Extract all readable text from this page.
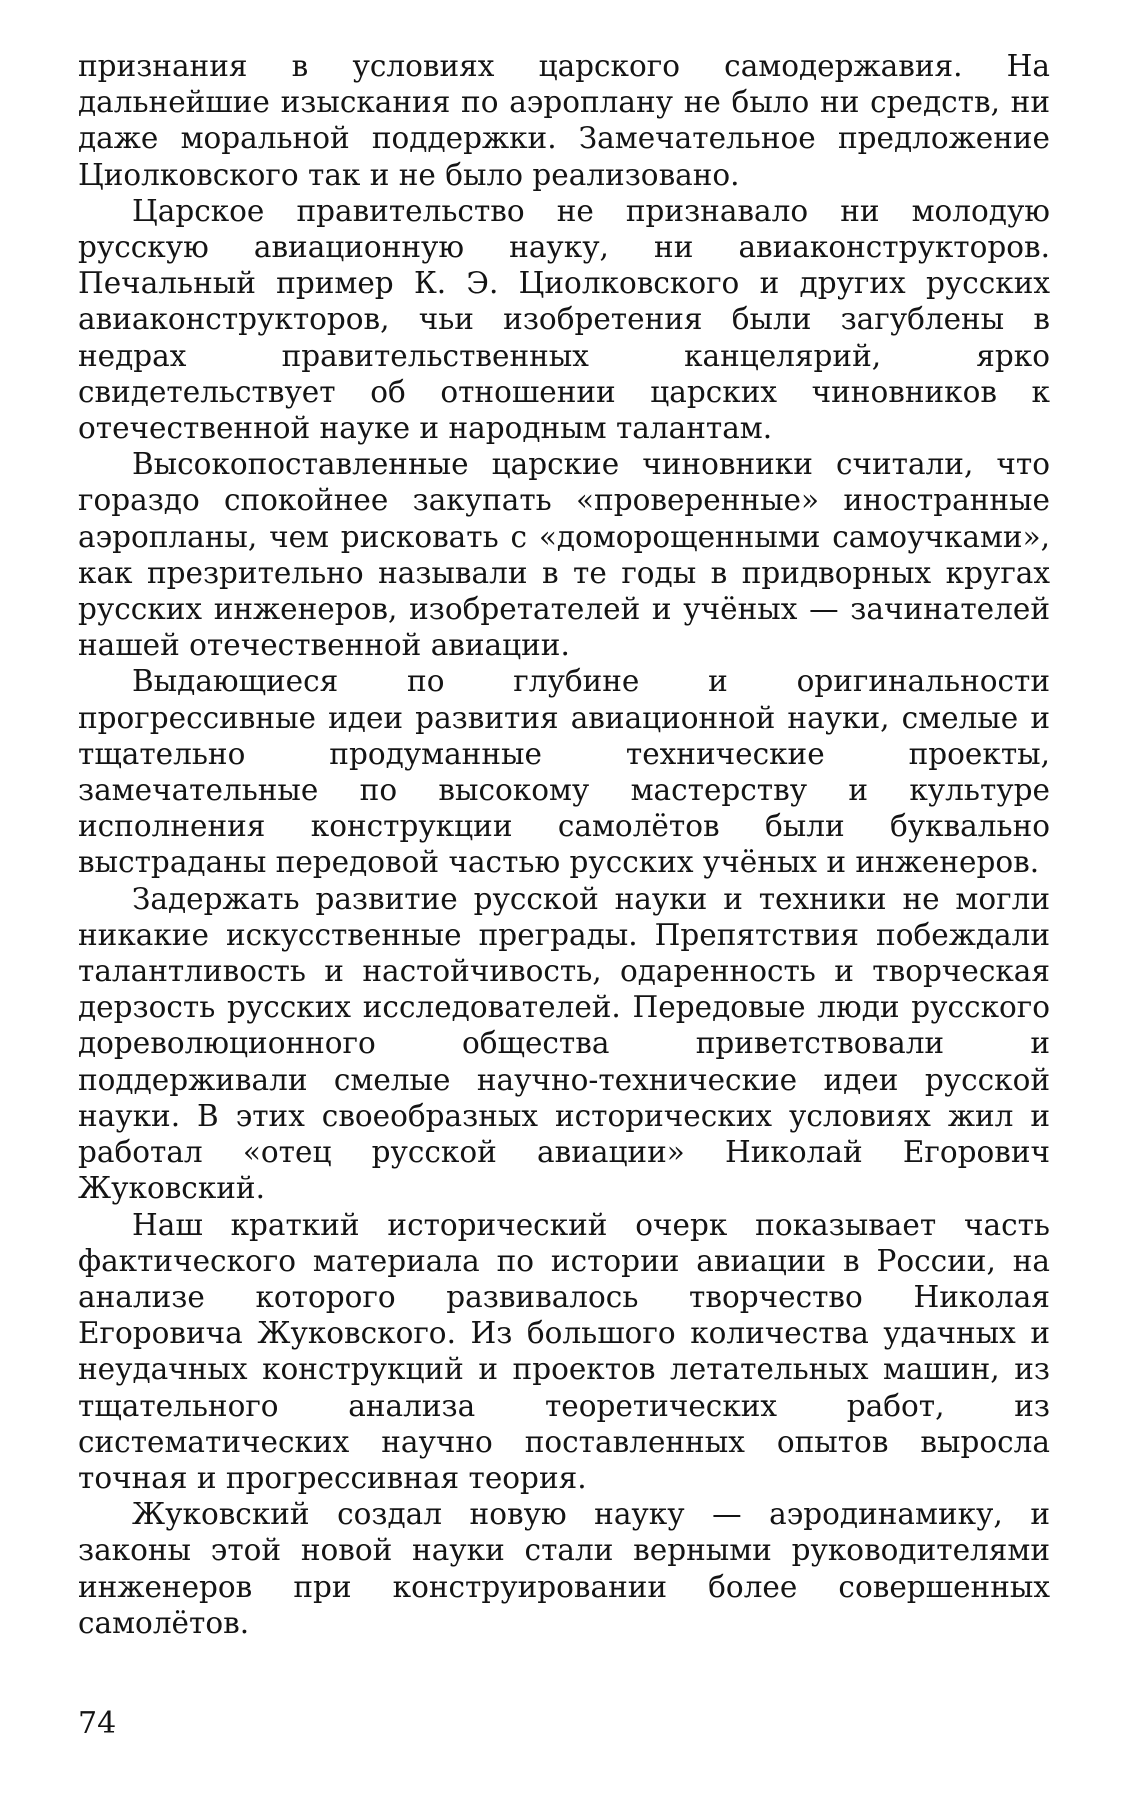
признания в условиях царского самодержавия. На дальнейшие изыскания по аэроплану не было ни средств, ни даже моральной поддержки. Замечательное предложение Циолковского так и не было реализовано.

Царское правительство не признавало ни молодую русскую авиационную науку, ни авиаконструкторов. Печальный пример К. Э. Циолковского и других русских авиаконструкторов, чьи изобретения были загублены в недрах правительственных канцелярий, ярко свидетельствует об отношении царских чиновников к отечественной науке и народным талантам.

Высокопоставленные царские чиновники считали, что гораздо спокойнее закупать «проверенные» иностранные аэропланы, чем рисковать с «доморощенными самоучками», как презрительно называли в те годы в придворных кругах русских инженеров, изобретателей и учёных — зачинателей нашей отечественной авиации.

Выдающиеся по глубине и оригинальности прогрессивные идеи развития авиационной науки, смелые и тщательно продуманные технические проекты, замечательные по высокому мастерству и культуре исполнения конструкции самолётов были буквально выстраданы передовой частью русских учёных и инженеров.

Задержать развитие русской науки и техники не могли никакие искусственные преграды. Препятствия побеждали талантливость и настойчивость, одаренность и творческая дерзость русских исследователей. Передовые люди русского дореволюционного общества приветствовали и поддерживали смелые научно-технические идеи русской науки. В этих своеобразных исторических условиях жил и работал «отец русской авиации» Николай Егорович Жуковский.

Наш краткий исторический очерк показывает часть фактического материала по истории авиации в России, на анализе которого развивалось творчество Николая Егоровича Жуковского. Из большого количества удачных и неудачных конструкций и проектов летательных машин, из тщательного анализа теоретических работ, из систематических научно поставленных опытов выросла точная и прогрессивная теория.

Жуковский создал новую науку — аэродинамику, и законы этой новой науки стали верными руководителями инженеров при конструировании более совершенных самолётов.

74
